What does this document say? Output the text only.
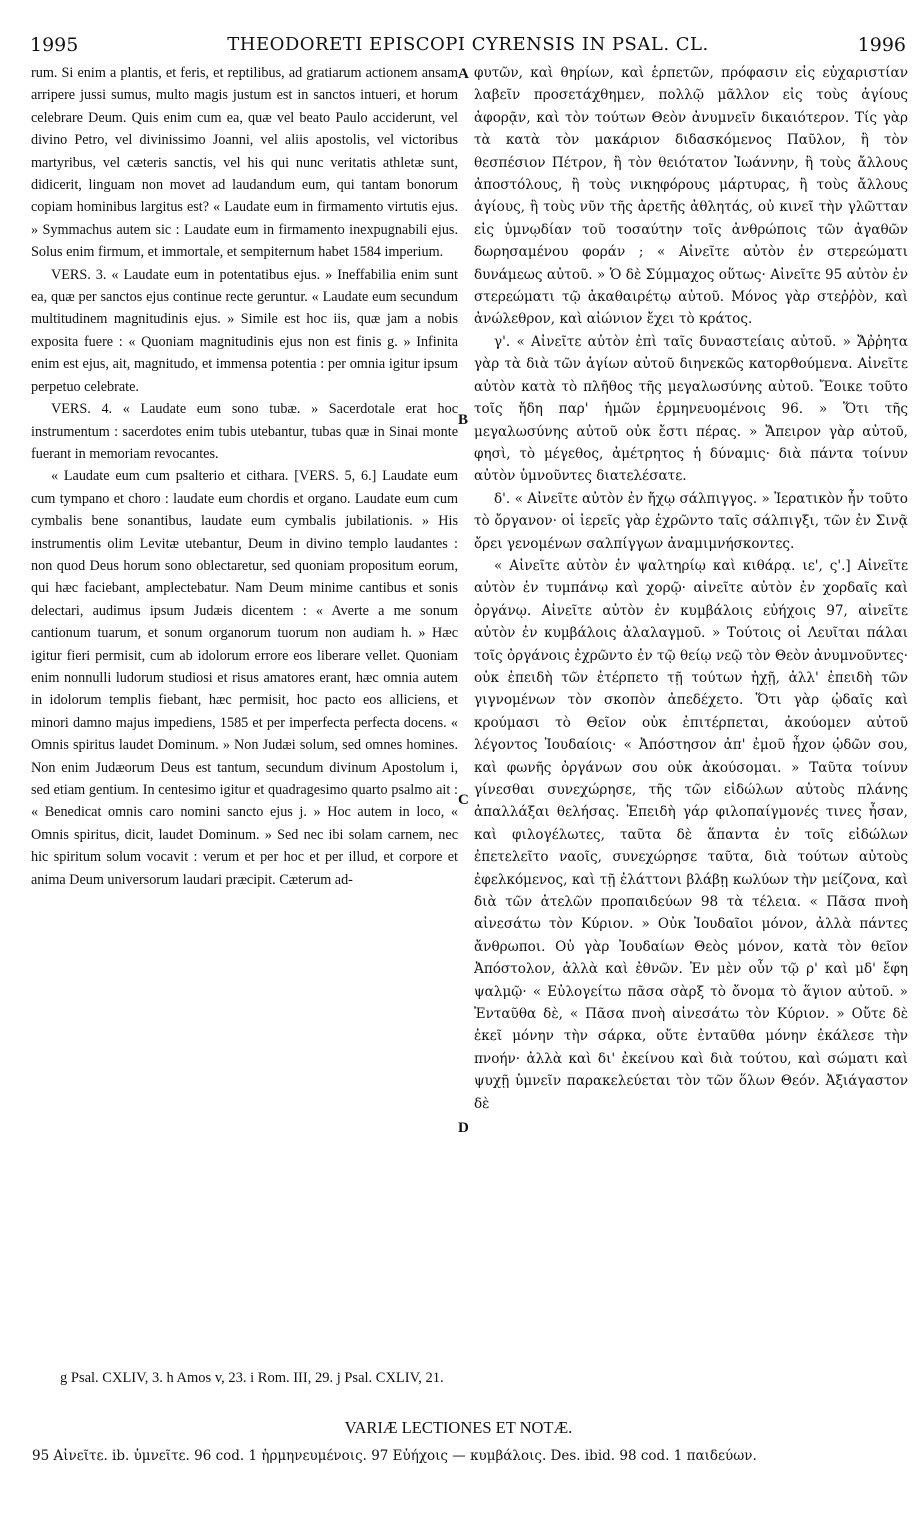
1995	THEODORETI EPISCOPI CYRENSIS IN PSAL. CL.	1996

rum. Si enim a plantis, et feris, et reptilibus, ad gratiarum actionem ansam arripere jussi sumus, multo magis justum est in sanctos intueri, et horum celebrare Deum. Quis enim cum ea, quæ vel beato Paulo acciderunt, vel divino Petro, vel divinissimo Joanni, vel aliis apostolis, vel victoribus martyribus, vel cæteris sanctis, vel his qui nunc veritatis athletæ sunt, didicerit, linguam non movet ad laudandum eum, qui tantam bonorum copiam hominibus largitus est? « Laudate eum in firmamento virtutis ejus. » Symmachus autem sic : Laudate eum in firmamento inexpugnabili ejus. Solus enim firmum, et immortale, et sempiternum habet 1584 imperium.

VERS. 3. « Laudate eum in potentatibus ejus. » Ineffabilia enim sunt ea, quæ per sanctos ejus continue recte geruntur. « Laudate eum secundum multitudinem magnitudinis ejus. » Simile est hoc iis, quæ jam a nobis exposita fuere : « Quoniam magnitudinis ejus non est finis g. » Infinita enim est ejus, ait, magnitudo, et immensa potentia : per omnia igitur ipsum perpetuo celebrate.

VERS. 4. « Laudate eum sono tubæ. » Sacerdotale erat hoc instrumentum : sacerdotes enim tubis utebantur, tubas quæ in Sinai monte fuerant in memoriam revocantes.

« Laudate eum cum psalterio et cithara. [VERS. 5, 6.] Laudate eum cum tympano et choro : laudate eum chordis et organo. Laudate eum cum cymbalis bene sonantibus, laudate eum cymbalis jubilationis. » His instrumentis olim Levitæ utebantur, Deum in divino templo laudantes : non quod Deus horum sono oblectaretur, sed quoniam propositum eorum, qui hæc faciebant, amplectebatur. Nam Deum minime cantibus et sonis delectari, audimus ipsum Judæis dicentem : « Averte a me sonum cantionum tuarum, et sonum organorum tuorum non audiam h. » Hæc igitur fieri permisit, cum ab idolorum errore eos liberare vellet. Quoniam enim nonnulli ludorum studiosi et risus amatores erant, hæc omnia autem in idolorum templis fiebant, hæc permisit, hoc pacto eos alliciens, et minori damno majus impediens, 1585 et per imperfecta perfecta docens. « Omnis spiritus laudet Dominum. » Non Judæi solum, sed omnes homines. Non enim Judæorum Deus est tantum, secundum divinum Apostolum i, sed etiam gentium. In centesimo igitur et quadragesimo quarto psalmo ait : « Benedicat omnis caro nomini sancto ejus j. » Hoc autem in loco, « Omnis spiritus, dicit, laudet Dominum. » Sed nec ibi solam carnem, nec hic spiritum solum vocavit : verum et per hoc et per illud, et corpore et anima Deum universorum laudari præcipit. Cæterum ad-

A
B
C
D

φυτῶν, καὶ θηρίων, καὶ ἑρπετῶν, πρόφασιν εἰς εὐχαριστίαν λαβεῖν προσετάχθημεν, πολλῷ μᾶλλον εἰς τοὺς ἁγίους ἀφορᾷν, καὶ τὸν τούτων Θεὸν ἀνυμνεῖν δικαιότερον. Τίς γὰρ τὰ κατὰ τὸν μακάριον διδασκόμενος Παῦλον, ἢ τὸν θεσπέσιον Πέτρον, ἢ τὸν θειότατον Ἰωάννην, ἢ τοὺς ἄλλους ἀποστόλους, ἢ τοὺς νικηφόρους μάρτυρας, ἢ τοὺς ἄλλους ἁγίους, ἢ τοὺς νῦν τῆς ἀρετῆς ἀθλητάς, οὐ κινεῖ τὴν γλῶτταν εἰς ὑμνῳδίαν τοῦ τοσαύτην τοῖς ἀνθρώποις τῶν ἀγαθῶν δωρησαμένου φοράν ; « Αἰνεῖτε αὐτὸν ἐν στερεώματι δυνάμεως αὐτοῦ. » Ὁ δὲ Σύμμαχος οὕτως· Αἰνεῖτε 95 αὐτὸν ἐν στερεώματι τῷ ἀκαθαιρέτῳ αὐτοῦ. Μόνος γὰρ στεῤῥὸν, καὶ ἀνώλεθρον, καὶ αἰώνιον ἔχει τὸ κράτος.

γ'. « Αἰνεῖτε αὐτὸν ἐπὶ ταῖς δυναστείαις αὐτοῦ. » Ἄῤῥητα γὰρ τὰ διὰ τῶν ἁγίων αὐτοῦ διηνεκῶς κατορθούμενα. Αἰνεῖτε αὐτὸν κατὰ τὸ πλῆθος τῆς μεγαλωσύνης αὐτοῦ. Ἔοικε τοῦτο τοῖς ἤδη παρ' ἡμῶν ἑρμηνευομένοις 96. » Ὅτι τῆς μεγαλωσύνης αὐτοῦ οὐκ ἔστι πέρας. » Ἄπειρον γὰρ αὐτοῦ, φησὶ, τὸ μέγεθος, ἀμέτρητος ἡ δύναμις· διὰ πάντα τοίνυν αὐτὸν ὑμνοῦντες διατελέσατε.

δ'. « Αἰνεῖτε αὐτὸν ἐν ἤχῳ σάλπιγγος. » Ἱερατικὸν ἦν τοῦτο τὸ ὄργανον· οἱ ἱερεῖς γὰρ ἐχρῶντο ταῖς σάλπιγξι, τῶν ἐν Σινᾷ ὄρει γενομένων σαλπίγγων ἀναμιμνήσκοντες.

« Αἰνεῖτε αὐτὸν ἐν ψαλτηρίῳ καὶ κιθάρᾳ. ιε', ς'.] Αἰνεῖτε αὐτὸν ἐν τυμπάνῳ καὶ χορῷ· αἰνεῖτε αὐτὸν ἐν χορδαῖς καὶ ὀργάνῳ. Αἰνεῖτε αὐτὸν ἐν κυμβάλοις εὐήχοις 97, αἰνεῖτε αὐτὸν ἐν κυμβάλοις ἀλαλαγμοῦ. » Τούτοις οἱ Λευῖται πάλαι τοῖς ὀργάνοις ἐχρῶντο ἐν τῷ θείῳ νεῷ τὸν Θεὸν ἀνυμνοῦντες· οὐκ ἐπειδὴ τῶν ἐτέρπετο τῇ τούτων ἠχῇ, ἀλλ' ἐπειδὴ τῶν γιγνομένων τὸν σκοπὸν ἀπεδέχετο. Ὅτι γὰρ ᾠδαῖς καὶ κρούμασι τὸ Θεῖον οὐκ ἐπιτέρπεται, ἀκούομεν αὐτοῦ λέγοντος Ἰουδαίοις· « Ἀπόστησον ἀπ' ἐμοῦ ἦχον ᾠδῶν σου, καὶ φωνῆς ὀργάνων σου οὐκ ἀκούσομαι. » Ταῦτα τοίνυν γίνεσθαι συνεχώρησε, τῆς τῶν εἰδώλων αὐτοὺς πλάνης ἀπαλλάξαι θελήσας. Ἐπειδὴ γάρ φιλοπαίγμονές τινες ἦσαν, καὶ φιλογέλωτες, ταῦτα δὲ ἅπαντα ἐν τοῖς εἰδώλων ἐπετελεῖτο ναοῖς, συνεχώρησε ταῦτα, διὰ τούτων αὐτοὺς ἐφελκόμενος, καὶ τῇ ἐλάττονι βλάβῃ κωλύων τὴν μείζονα, καὶ διὰ τῶν ἀτελῶν προπαιδεύων 98 τὰ τέλεια. « Πᾶσα πνοὴ αἰνεσάτω τὸν Κύριον. » Οὐκ Ἰουδαῖοι μόνον, ἀλλὰ πάντες ἄνθρωποι. Οὐ γὰρ Ἰουδαίων Θεὸς μόνον, κατὰ τὸν θεῖον Ἀπόστολον, ἀλλὰ καὶ ἐθνῶν. Ἐν μὲν οὖν τῷ ρ' καὶ μδ' ἔφη ψαλμῷ· « Εὐλογείτω πᾶσα σὰρξ τὸ ὄνομα τὸ ἅγιον αὐτοῦ. » Ἐνταῦθα δὲ, « Πᾶσα πνοὴ αἰνεσάτω τὸν Κύριον. » Οὔτε δὲ ἐκεῖ μόνην τὴν σάρκα, οὔτε ἐνταῦθα μόνην ἐκάλεσε τὴν πνοήν· ἀλλὰ καὶ δι' ἐκείνου καὶ διὰ τούτου, καὶ σώματι καὶ ψυχῇ ὑμνεῖν παρακελεύεται τὸν τῶν ὅλων Θεόν. Ἀξιάγαστον δὲ

g Psal. CXLIV, 3. h Amos v, 23. i Rom. III, 29. j Psal. CXLIV, 21.
VARIÆ LECTIONES ET NOTÆ.
95 Αἰνεῖτε. ib. ὑμνεῖτε. 96 cod. 1 ἡρμηνευμένοις. 97 Εὐήχοις — κυμβάλοις. Des. ibid. 98 cod. 1 παιδεύων.
